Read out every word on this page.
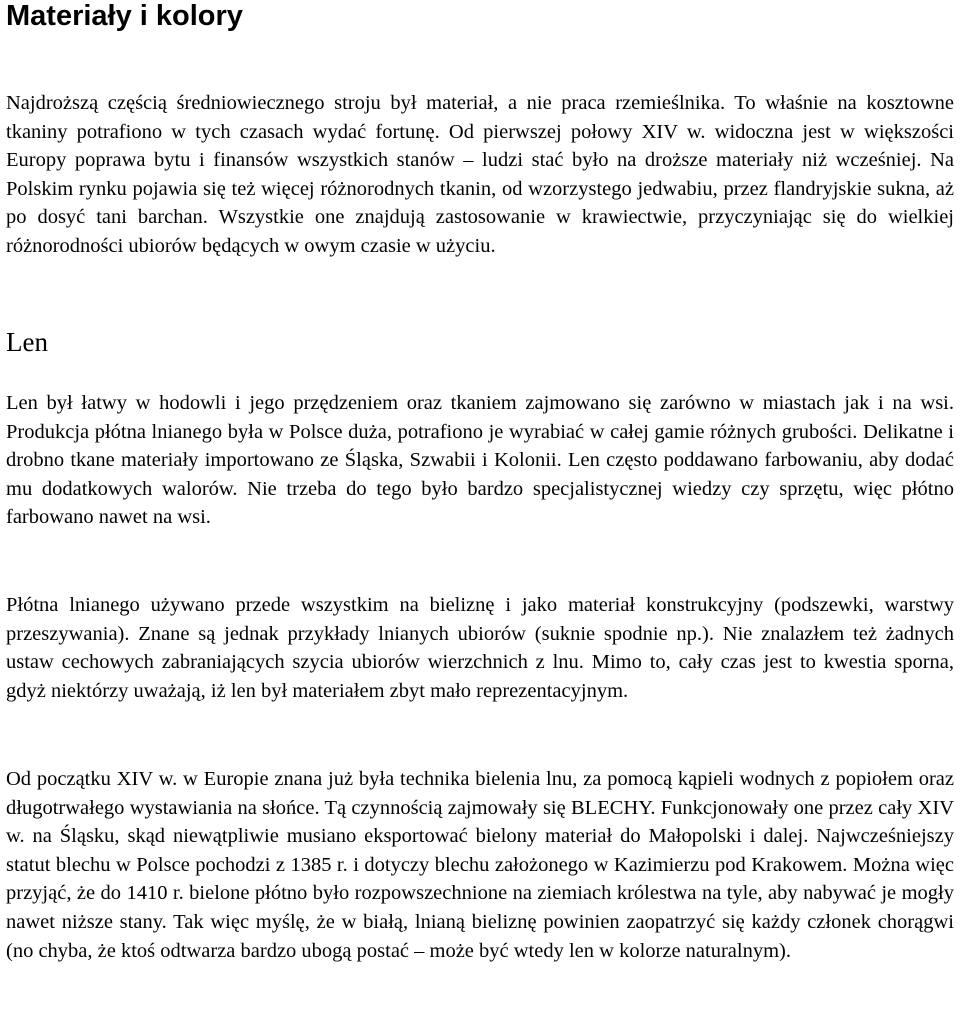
Materiały i kolory

Najdroższą częścią średniowiecznego stroju był materiał, a nie praca rzemieślnika. To właśnie na kosztowne tkaniny potrafiono w tych czasach wydać fortunę. Od pierwszej połowy XIV w. widoczna jest w większości Europy poprawa bytu i finansów wszystkich stanów – ludzi stać było na droższe materiały niż wcześniej. Na Polskim rynku pojawia się też więcej różnorodnych tkanin, od wzorzystego jedwabiu, przez flandryjskie sukna, aż po dosyć tani barchan. Wszystkie one znajdują zastosowanie w krawiectwie, przyczyniając się do wielkiej różnorodności ubiorów będących w owym czasie w użyciu.

Len

Len był łatwy w hodowli i jego przędzeniem oraz tkaniem zajmowano się zarówno w miastach jak i na wsi. Produkcja płótna lnianego była w Polsce duża, potrafiono je wyrabiać w całej gamie różnych grubości. Delikatne i drobno tkane materiały importowano ze Śląska, Szwabii i Kolonii. Len często poddawano farbowaniu, aby dodać mu dodatkowych walorów. Nie trzeba do tego było bardzo specjalistycznej wiedzy czy sprzętu, więc płótno farbowano nawet na wsi.

Płótna lnianego używano przede wszystkim na bieliznę i jako materiał konstrukcyjny (podszewki, warstwy przeszywania). Znane są jednak przykłady lnianych ubiorów (suknie spodnie np.). Nie znalazłem też żadnych ustaw cechowych zabraniających szycia ubiorów wierzchnich z lnu. Mimo to, cały czas jest to kwestia sporna, gdyż niektórzy uważają, iż len był materiałem zbyt mało reprezentacyjnym.

Od początku XIV w. w Europie znana już była technika bielenia lnu, za pomocą kąpieli wodnych z popiołem oraz długotrwałego wystawiania na słońce. Tą czynnością zajmowały się BLECHY. Funkcjonowały one przez cały XIV w. na Śląsku, skąd niewątpliwie musiano eksportować bielony materiał do Małopolski i dalej. Najwcześniejszy statut blechu w Polsce pochodzi z 1385 r. i dotyczy blechu założonego w Kazimierzu pod Krakowem. Można więc przyjąć, że do 1410 r. bielone płótno było rozpowszechnione na ziemiach królestwa na tyle, aby nabywać je mogły nawet niższe stany. Tak więc myślę, że w białą, lnianą bieliznę powinien zaopatrzyć się każdy członek chorągwi (no chyba, że ktoś odtwarza bardzo ubogą postać – może być wtedy len w kolorze naturalnym).
